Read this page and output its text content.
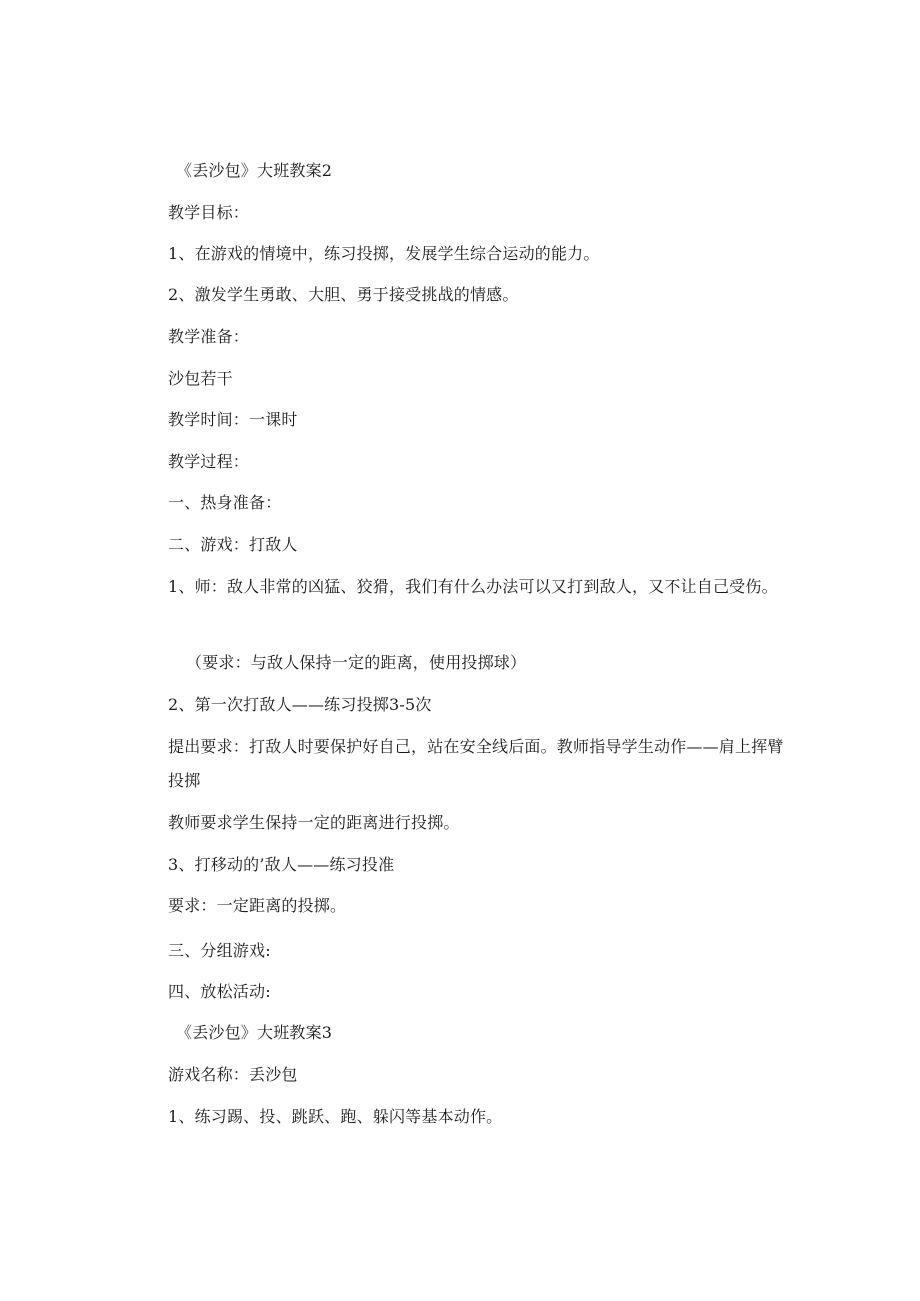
《丢沙包》大班教案2
教学目标：
1、在游戏的情境中，练习投掷，发展学生综合运动的能力。
2、激发学生勇敢、大胆、勇于接受挑战的情感。
教学准备：
沙包若干
教学时间：一课时
教学过程：
一、热身准备：
二、游戏：打敌人
1、师：敌人非常的凶猛、狡猾，我们有什么办法可以又打到敌人，又不让自己受伤。
（要求：与敌人保持一定的距离，使用投掷球）
2、第一次打敌人——练习投掷3-5次
提出要求：打敌人时要保护好自己，站在安全线后面。教师指导学生动作——肩上挥臂投掷
教师要求学生保持一定的距离进行投掷。
3、打移动的’敌人——练习投准
要求：一定距离的投掷。
三、分组游戏:
四、放松活动:
《丢沙包》大班教案3
游戏名称：丢沙包
1、练习踢、投、跳跃、跑、躲闪等基本动作。
